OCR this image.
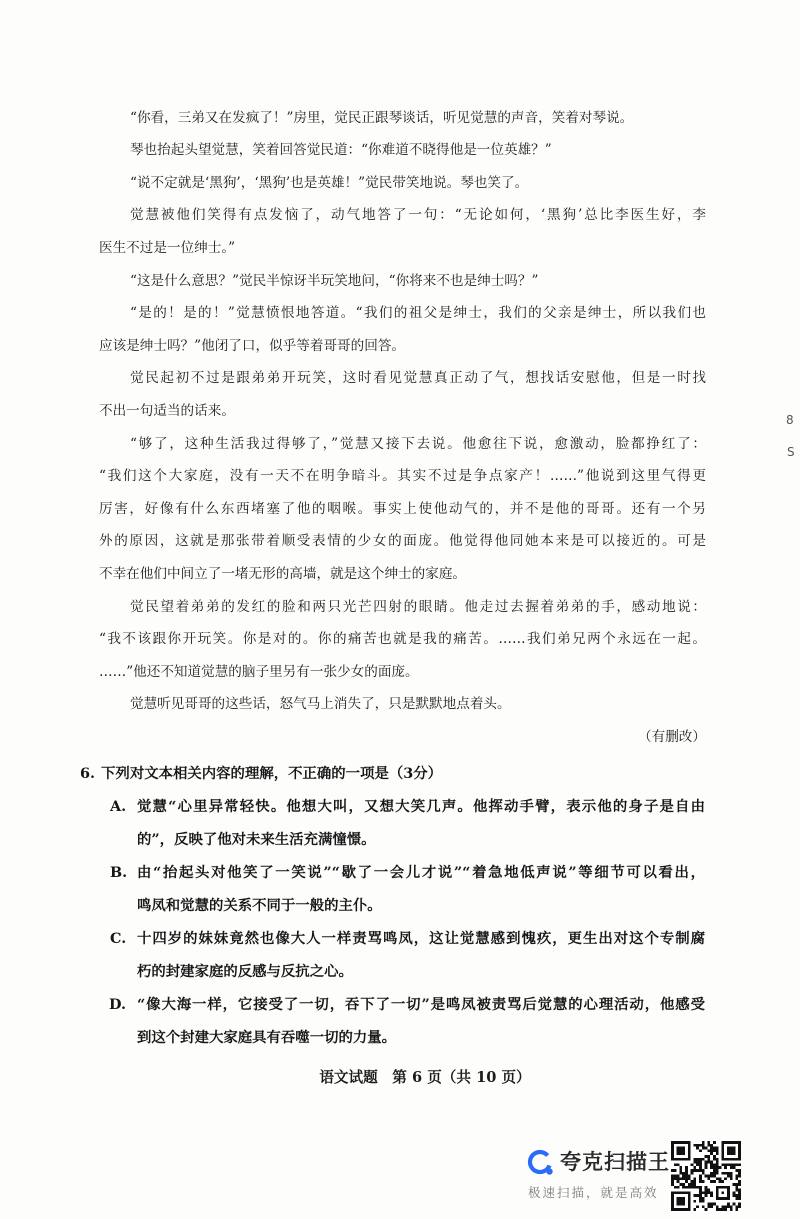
“你看，三弟又在发疯了！”房里，觉民正跟琴谈话，听见觉慧的声音，笑着对琴说。
琴也抬起头望觉慧，笑着回答觉民道：“你难道不晓得他是一位英雄？”
“说不定就是‘黑狗’，‘黑狗’也是英雄！”觉民带笑地说。琴也笑了。
觉慧被他们笑得有点发恼了，动气地答了一句：“无论如何，‘黑狗’总比李医生好，李
医生不过是一位绅士。”
“这是什么意思？”觉民半惊讶半玩笑地问，“你将来不也是绅士吗？”
“是的！是的！”觉慧愤恨地答道。“我们的祖父是绅士，我们的父亲是绅士，所以我们也
应该是绅士吗？”他闭了口，似乎等着哥哥的回答。
觉民起初不过是跟弟弟开玩笑，这时看见觉慧真正动了气，想找话安慰他，但是一时找
不出一句适当的话来。
“够了，这种生活我过得够了，”觉慧又接下去说。他愈往下说，愈激动，脸都挣红了：
“我们这个大家庭，没有一天不在明争暗斗。其实不过是争点家产！……”他说到这里气得更
厉害，好像有什么东西堵塞了他的咽喉。事实上使他动气的，并不是他的哥哥。还有一个另
外的原因，这就是那张带着顺受表情的少女的面庞。他觉得他同她本来是可以接近的。可是
不幸在他们中间立了一堵无形的高墙，就是这个绅士的家庭。
觉民望着弟弟的发红的脸和两只光芒四射的眼睛。他走过去握着弟弟的手，感动地说：
“我不该跟你开玩笑。你是对的。你的痛苦也就是我的痛苦。……我们弟兄两个永远在一起。
……”他还不知道觉慧的脑子里另有一张少女的面庞。
觉慧听见哥哥的这些话，怒气马上消失了，只是默默地点着头。
（有删改）
6. 下列对文本相关内容的理解，不正确的一项是（3分）
A. 觉慧“心里异常轻快。他想大叫，又想大笑几声。他挥动手臂，表示他的身子是自由
的”，反映了他对未来生活充满憧憬。
B. 由“抬起头对他笑了一笑说”“歇了一会儿才说”“着急地低声说”等细节可以看出，
鸣凤和觉慧的关系不同于一般的主仆。
C. 十四岁的妹妹竟然也像大人一样责骂鸣凤，这让觉慧感到愧疚，更生出对这个专制腐
朽的封建家庭的反感与反抗之心。
D. “像大海一样，它接受了一切，吞下了一切”是鸣凤被责骂后觉慧的心理活动，他感受
到这个封建大家庭具有吞噬一切的力量。
语文试题　第 6 页（共 10 页）
8
S
夸克扫描王
极速扫描，就是高效
